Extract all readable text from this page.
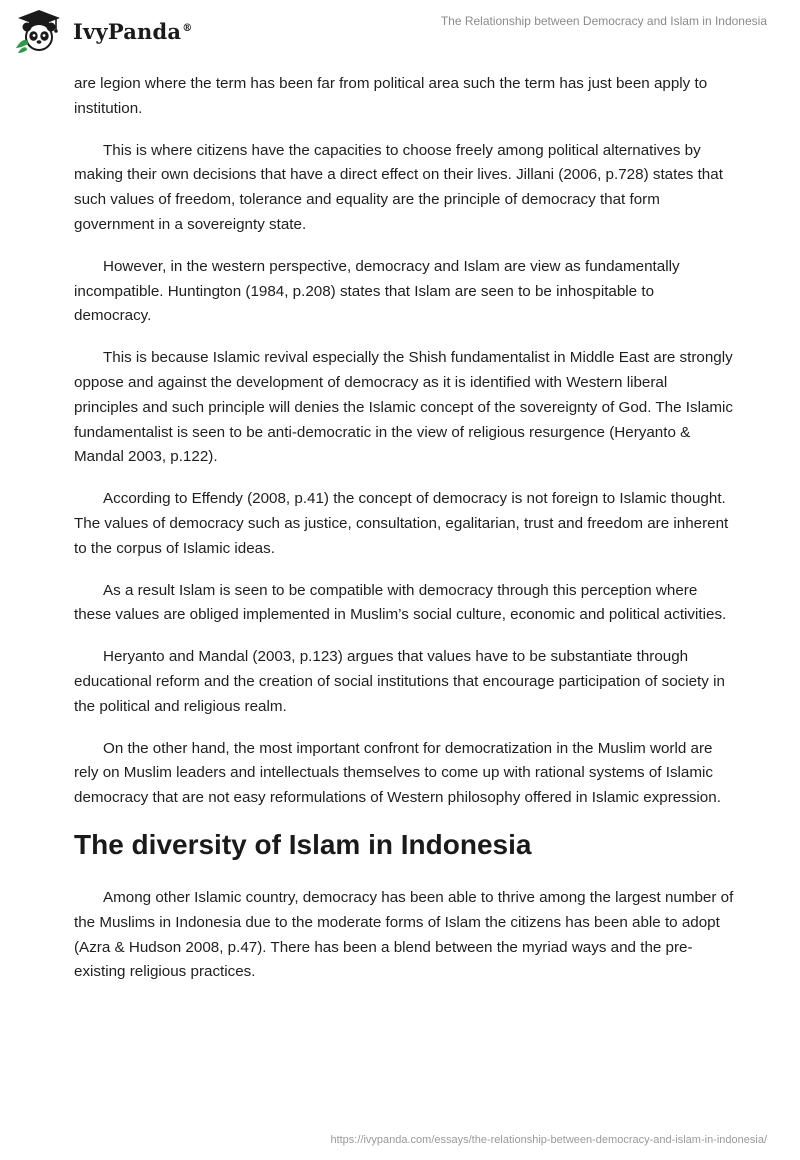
IvyPanda®	The Relationship between Democracy and Islam in Indonesia

are legion where the term has been far from political area such the term has just been apply to institution.

This is where citizens have the capacities to choose freely among political alternatives by making their own decisions that have a direct effect on their lives. Jillani (2006, p.728) states that such values of freedom, tolerance and equality are the principle of democracy that form government in a sovereignty state.

However, in the western perspective, democracy and Islam are view as fundamentally incompatible. Huntington (1984, p.208) states that Islam are seen to be inhospitable to democracy.

This is because Islamic revival especially the Shish fundamentalist in Middle East are strongly oppose and against the development of democracy as it is identified with Western liberal principles and such principle will denies the Islamic concept of the sovereignty of God. The Islamic fundamentalist is seen to be anti-democratic in the view of religious resurgence (Heryanto & Mandal 2003, p.122).

According to Effendy (2008, p.41) the concept of democracy is not foreign to Islamic thought. The values of democracy such as justice, consultation, egalitarian, trust and freedom are inherent to the corpus of Islamic ideas.

As a result Islam is seen to be compatible with democracy through this perception where these values are obliged implemented in Muslim’s social culture, economic and political activities.

Heryanto and Mandal (2003, p.123) argues that values have to be substantiate through educational reform and the creation of social institutions that encourage participation of society in the political and religious realm.

On the other hand, the most important confront for democratization in the Muslim world are rely on Muslim leaders and intellectuals themselves to come up with rational systems of Islamic democracy that are not easy reformulations of Western philosophy offered in Islamic expression.

The diversity of Islam in Indonesia

Among other Islamic country, democracy has been able to thrive among the largest number of the Muslims in Indonesia due to the moderate forms of Islam the citizens has been able to adopt (Azra & Hudson 2008, p.47). There has been a blend between the myriad ways and the pre-existing religious practices.

https://ivypanda.com/essays/the-relationship-between-democracy-and-islam-in-indonesia/
